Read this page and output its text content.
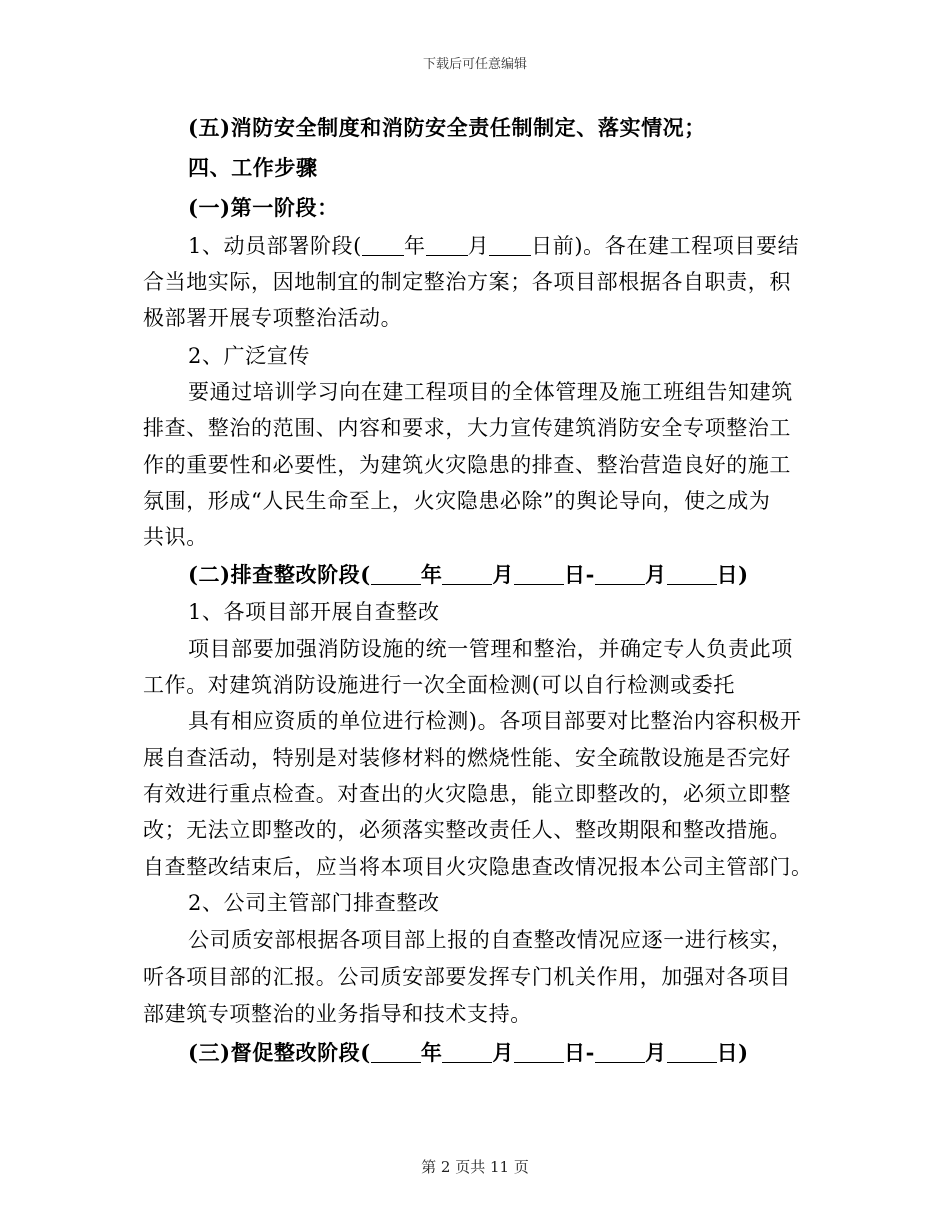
下载后可任意编辑
(五)消防安全制度和消防安全责任制制定、落实情况；
四、工作步骤
(一)第一阶段：
1、动员部署阶段( 年 月 日前)。各在建工程项目要结
合当地实际，因地制宜的制定整治方案；各项目部根据各自职责，积
极部署开展专项整治活动。
2、广泛宣传
要通过培训学习向在建工程项目的全体管理及施工班组告知建筑
排查、整治的范围、内容和要求，大力宣传建筑消防安全专项整治工
作的重要性和必要性，为建筑火灾隐患的排查、整治营造良好的施工
氛围，形成“人民生命至上，火灾隐患必除”的舆论导向，使之成为
共识。
(二)排查整改阶段( 年 月 日- 月 日)
1、各项目部开展自查整改
项目部要加强消防设施的统一管理和整治，并确定专人负责此项
工作。对建筑消防设施进行一次全面检测(可以自行检测或委托
具有相应资质的单位进行检测)。各项目部要对比整治内容积极开
展自查活动，特别是对装修材料的燃烧性能、安全疏散设施是否完好
有效进行重点检查。对查出的火灾隐患，能立即整改的，必须立即整
改；无法立即整改的，必须落实整改责任人、整改期限和整改措施。
自查整改结束后，应当将本项目火灾隐患查改情况报本公司主管部门。
2、公司主管部门排查整改
公司质安部根据各项目部上报的自查整改情况应逐一进行核实，
听各项目部的汇报。公司质安部要发挥专门机关作用，加强对各项目
部建筑专项整治的业务指导和技术支持。
(三)督促整改阶段( 年 月 日- 月 日)
第 2 页共 11 页
